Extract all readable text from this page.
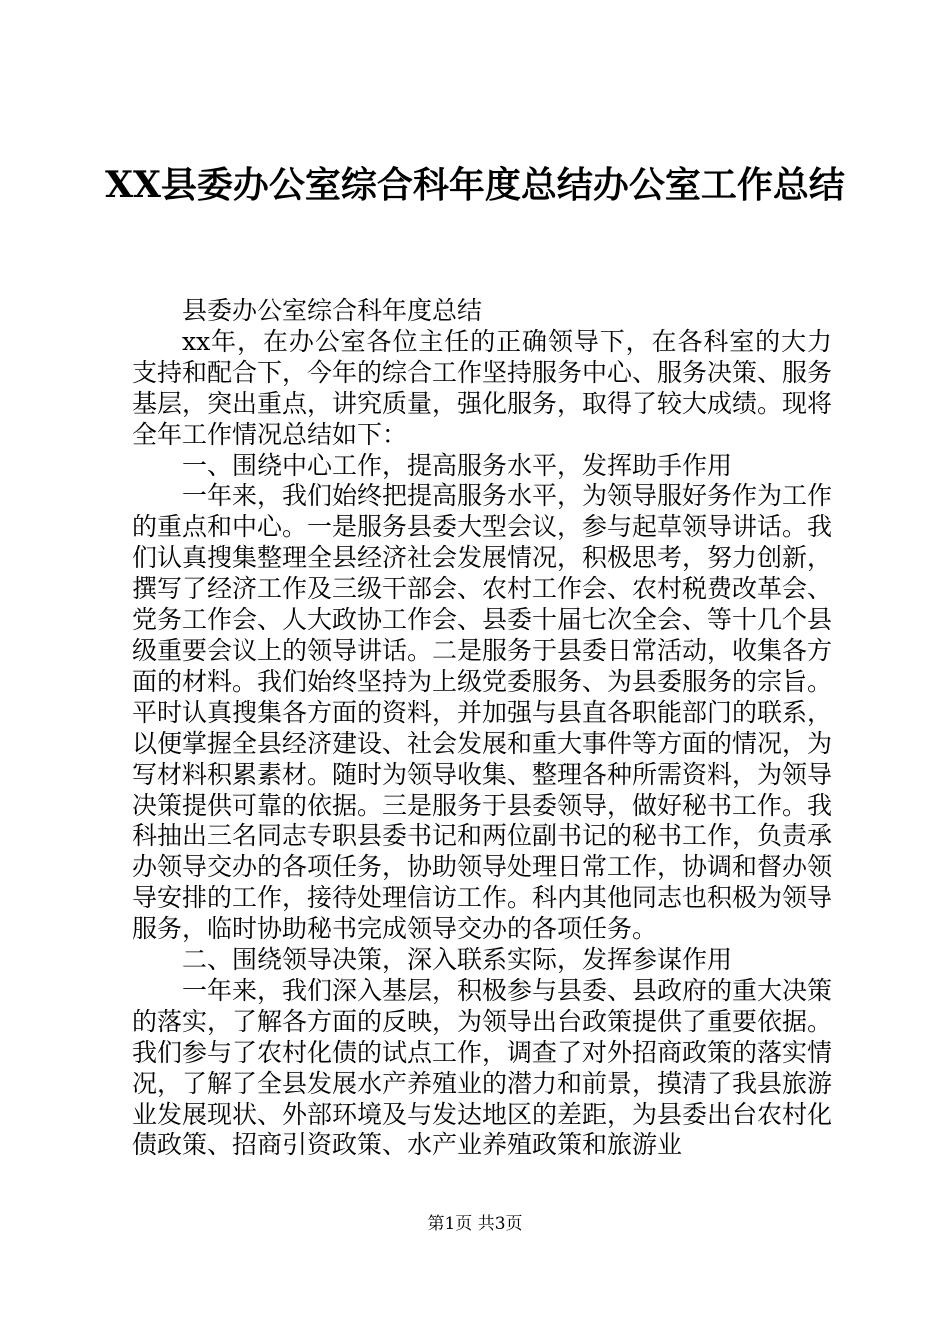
XX县委办公室综合科年度总结办公室工作总结

县委办公室综合科年度总结

xx年，在办公室各位主任的正确领导下，在各科室的大力支持和配合下，今年的综合工作坚持服务中心、服务决策、服务基层，突出重点，讲究质量，强化服务，取得了较大成绩。现将全年工作情况总结如下：

一、围绕中心工作，提高服务水平，发挥助手作用

一年来，我们始终把提高服务水平，为领导服好务作为工作的重点和中心。一是服务县委大型会议，参与起草领导讲话。我们认真搜集整理全县经济社会发展情况，积极思考，努力创新，撰写了经济工作及三级干部会、农村工作会、农村税费改革会、党务工作会、人大政协工作会、县委十届七次全会、等十几个县级重要会议上的领导讲话。二是服务于县委日常活动，收集各方面的材料。我们始终坚持为上级党委服务、为县委服务的宗旨。平时认真搜集各方面的资料，并加强与县直各职能部门的联系，以便掌握全县经济建设、社会发展和重大事件等方面的情况，为写材料积累素材。随时为领导收集、整理各种所需资料，为领导决策提供可靠的依据。三是服务于县委领导，做好秘书工作。我科抽出三名同志专职县委书记和两位副书记的秘书工作，负责承办领导交办的各项任务，协助领导处理日常工作，协调和督办领导安排的工作，接待处理信访工作。科内其他同志也积极为领导服务，临时协助秘书完成领导交办的各项任务。

二、围绕领导决策，深入联系实际，发挥参谋作用

一年来，我们深入基层，积极参与县委、县政府的重大决策的落实，了解各方面的反映，为领导出台政策提供了重要依据。我们参与了农村化债的试点工作，调查了对外招商政策的落实情况，了解了全县发展水产养殖业的潜力和前景，摸清了我县旅游业发展现状、外部环境及与发达地区的差距，为县委出台农村化债政策、招商引资政策、水产业养殖政策和旅游业

第1页 共3页
